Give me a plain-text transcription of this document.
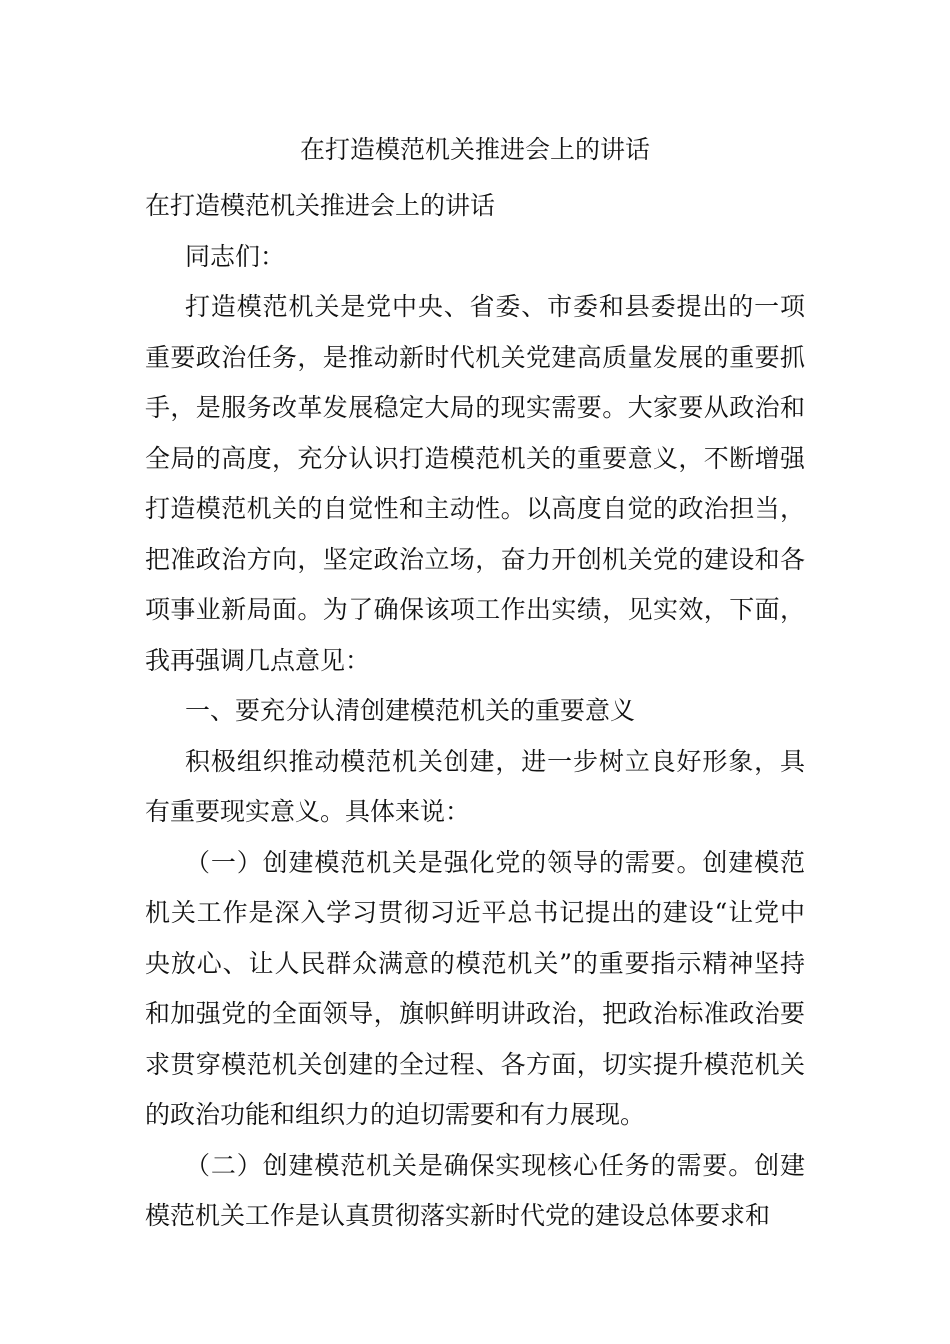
在打造模范机关推进会上的讲话

在打造模范机关推进会上的讲话

同志们：

打造模范机关是党中央、省委、市委和县委提出的一项重要政治任务，是推动新时代机关党建高质量发展的重要抓手，是服务改革发展稳定大局的现实需要。大家要从政治和全局的高度，充分认识打造模范机关的重要意义，不断增强打造模范机关的自觉性和主动性。以高度自觉的政治担当，把准政治方向，坚定政治立场，奋力开创机关党的建设和各项事业新局面。为了确保该项工作出实绩，见实效，下面，我再强调几点意见：

一、要充分认清创建模范机关的重要意义

积极组织推动模范机关创建，进一步树立良好形象，具有重要现实意义。具体来说：

（一）创建模范机关是强化党的领导的需要。创建模范机关工作是深入学习贯彻习近平总书记提出的建设“让党中央放心、让人民群众满意的模范机关”的重要指示精神坚持和加强党的全面领导，旗帜鲜明讲政治，把政治标准政治要求贯穿模范机关创建的全过程、各方面，切实提升模范机关的政治功能和组织力的迫切需要和有力展现。

（二）创建模范机关是确保实现核心任务的需要。创建模范机关工作是认真贯彻落实新时代党的建设总体要求和
